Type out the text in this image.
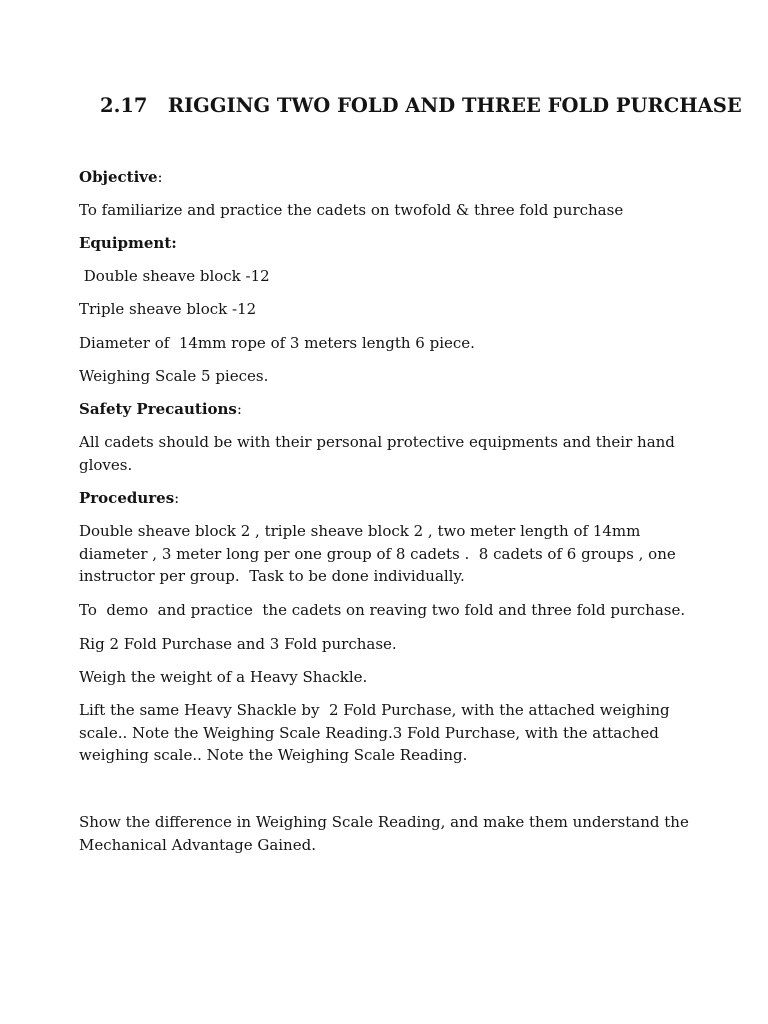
2.17   RIGGING TWO FOLD AND THREE FOLD PURCHASE

Objective:

To familiarize and practice the cadets on twofold & three fold purchase

Equipment:

Double sheave block -12

Triple sheave block -12

Diameter of  14mm rope of 3 meters length 6 piece.

Weighing Scale 5 pieces.

Safety Precautions:

All cadets should be with their personal protective equipments and their hand gloves.

Procedures:

Double sheave block 2 , triple sheave block 2 , two meter length of 14mm diameter , 3 meter long per one group of 8 cadets .  8 cadets of 6 groups , one instructor per group.  Task to be done individually.

To  demo  and practice  the cadets on reaving two fold and three fold purchase.

Rig 2 Fold Purchase and 3 Fold purchase.

Weigh the weight of a Heavy Shackle.

Lift the same Heavy Shackle by  2 Fold Purchase, with the attached weighing scale.. Note the Weighing Scale Reading.3 Fold Purchase, with the attached weighing scale.. Note the Weighing Scale Reading.

Show the difference in Weighing Scale Reading, and make them understand the Mechanical Advantage Gained.
